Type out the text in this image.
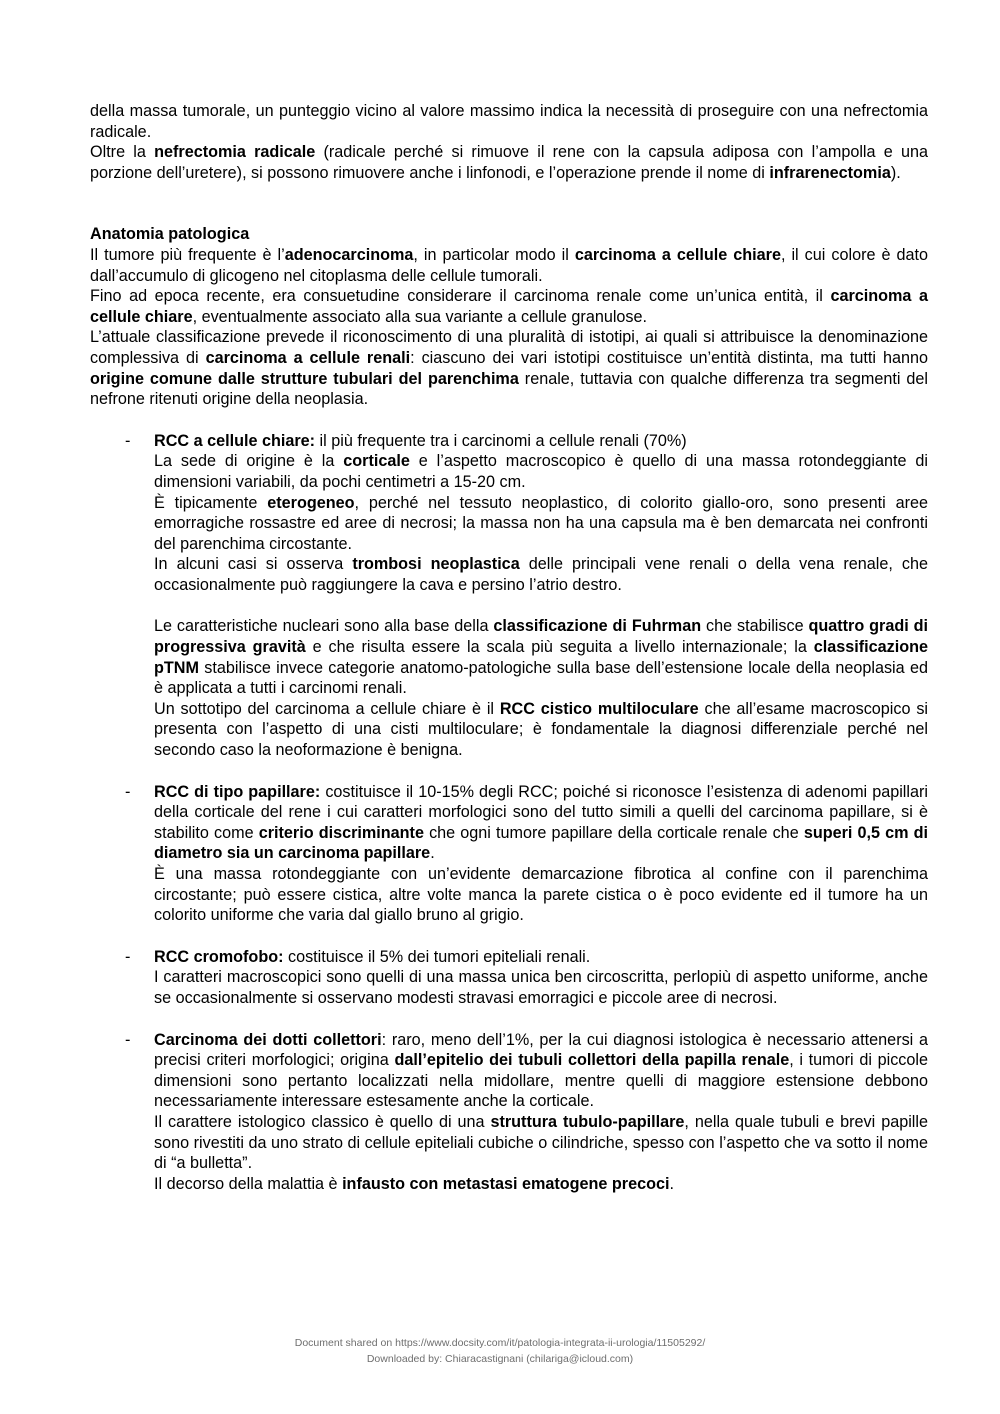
della massa tumorale, un punteggio vicino al valore massimo indica la necessità di proseguire con una nefrectomia radicale.

Oltre la nefrectomia radicale (radicale perché si rimuove il rene con la capsula adiposa con l’ampolla e una porzione dell’uretere), si possono rimuovere anche i linfonodi, e l’operazione prende il nome di infrarenectomia).

Anatomia patologica

Il tumore più frequente è l’adenocarcinoma, in particolar modo il carcinoma a cellule chiare, il cui colore è dato dall’accumulo di glicogeno nel citoplasma delle cellule tumorali.

Fino ad epoca recente, era consuetudine considerare il carcinoma renale come un’unica entità, il carcinoma a cellule chiare, eventualmente associato alla sua variante a cellule granulose.

L’attuale classificazione prevede il riconoscimento di una pluralità di istotipi, ai quali si attribuisce la denominazione complessiva di carcinoma a cellule renali: ciascuno dei vari istotipi costituisce un’entità distinta, ma tutti hanno origine comune dalle strutture tubulari del parenchima renale, tuttavia con qualche differenza tra segmenti del nefrone ritenuti origine della neoplasia.

- RCC a cellule chiare: il più frequente tra i carcinomi a cellule renali (70%)

La sede di origine è la corticale e l’aspetto macroscopico è quello di una massa rotondeggiante di dimensioni variabili, da pochi centimetri a 15-20 cm.

È tipicamente eterogeneo, perché nel tessuto neoplastico, di colorito giallo-oro, sono presenti aree emorragiche rossastre ed aree di necrosi; la massa non ha una capsula ma è ben demarcata nei confronti del parenchima circostante.

In alcuni casi si osserva trombosi neoplastica delle principali vene renali o della vena renale, che occasionalmente può raggiungere la cava e persino l’atrio destro.

Le caratteristiche nucleari sono alla base della classificazione di Fuhrman che stabilisce quattro gradi di progressiva gravità e che risulta essere la scala più seguita a livello internazionale; la classificazione pTNM stabilisce invece categorie anatomo-patologiche sulla base dell’estensione locale della neoplasia ed è applicata a tutti i carcinomi renali.

Un sottotipo del carcinoma a cellule chiare è il RCC cistico multiloculare che all’esame macroscopico si presenta con l’aspetto di una cisti multiloculare; è fondamentale la diagnosi differenziale perché nel secondo caso la neoformazione è benigna.

- RCC di tipo papillare: costituisce il 10-15% degli RCC; poiché si riconosce l’esistenza di adenomi papillari della corticale del rene i cui caratteri morfologici sono del tutto simili a quelli del carcinoma papillare, si è stabilito come criterio discriminante che ogni tumore papillare della corticale renale che superi 0,5 cm di diametro sia un carcinoma papillare.

È una massa rotondeggiante con un’evidente demarcazione fibrotica al confine con il parenchima circostante; può essere cistica, altre volte manca la parete cistica o è poco evidente ed il tumore ha un colorito uniforme che varia dal giallo bruno al grigio.

- RCC cromofobo: costituisce il 5% dei tumori epiteliali renali.

I caratteri macroscopici sono quelli di una massa unica ben circoscritta, perlopiù di aspetto uniforme, anche se occasionalmente si osservano modesti stravasi emorragici e piccole aree di necrosi.

- Carcinoma dei dotti collettori: raro, meno dell’1%, per la cui diagnosi istologica è necessario attenersi a precisi criteri morfologici; origina dall’epitelio dei tubuli collettori della papilla renale, i tumori di piccole dimensioni sono pertanto localizzati nella midollare, mentre quelli di maggiore estensione debbono necessariamente interessare estesamente anche la corticale.

Il carattere istologico classico è quello di una struttura tubulo-papillare, nella quale tubuli e brevi papille sono rivestiti da uno strato di cellule epiteliali cubiche o cilindriche, spesso con l’aspetto che va sotto il nome di “a bulletta”.

Il decorso della malattia è infausto con metastasi ematogene precoci.

Document shared on https://www.docsity.com/it/patologia-integrata-ii-urologia/11505292/
Downloaded by: Chiaracastignani (chilariga@icloud.com)
